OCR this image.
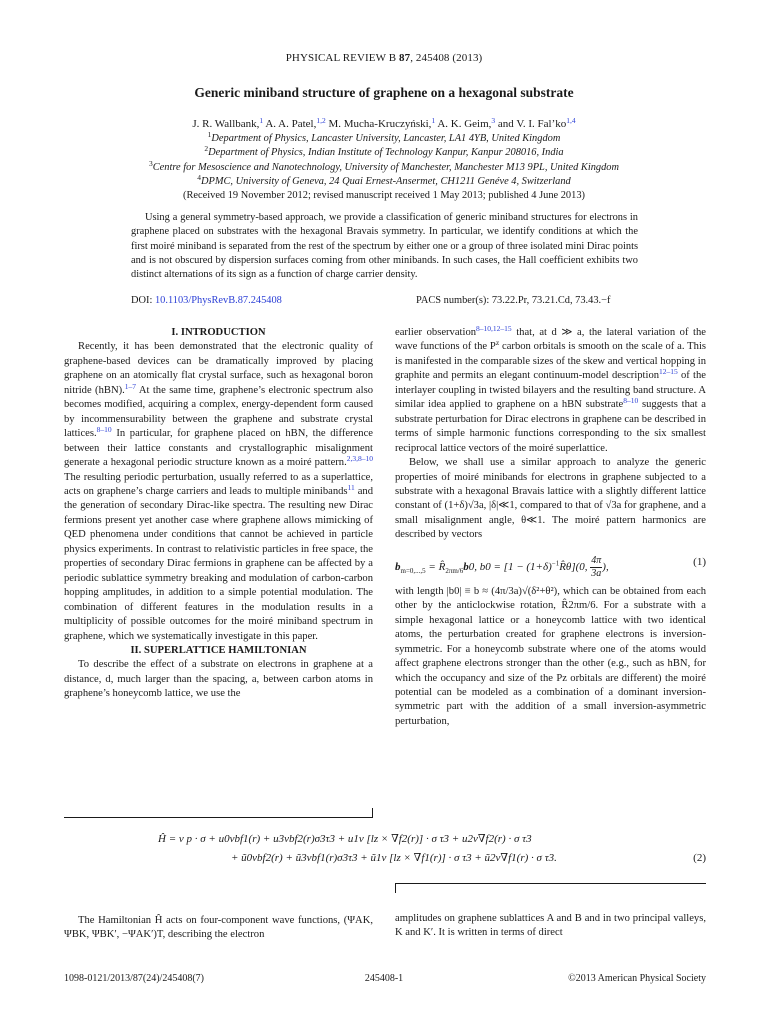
PHYSICAL REVIEW B 87, 245408 (2013)
Generic miniband structure of graphene on a hexagonal substrate
J. R. Wallbank,$^1$ A. A. Patel,$^{1,2}$ M. Mucha-Kruczyński,$^1$ A. K. Geim,$^3$ and V. I. Fal’ko$^{1,4}$
$^1$Department of Physics, Lancaster University, Lancaster, LA1 4YB, United Kingdom
$^2$Department of Physics, Indian Institute of Technology Kanpur, Kanpur 208016, India
$^3$Centre for Mesoscience and Nanotechnology, University of Manchester, Manchester M13 9PL, United Kingdom
$^4$DPMC, University of Geneva, 24 Quai Ernest-Ansermet, CH1211 Genéve 4, Switzerland
(Received 19 November 2012; revised manuscript received 1 May 2013; published 4 June 2013)

Using a general symmetry-based approach, we provide a classification of generic miniband structures for electrons in graphene placed on substrates with the hexagonal Bravais symmetry. In particular, we identify conditions at which the first moiré miniband is separated from the rest of the spectrum by either one or a group of three isolated mini Dirac points and is not obscured by dispersion surfaces coming from other minibands. In such cases, the Hall coefficient exhibits two distinct alternations of its sign as a function of charge carrier density.

DOI: 10.1103/PhysRevB.87.245408	PACS number(s): 73.22.Pr, 73.21.Cd, 73.43.−f

I. INTRODUCTION

Recently, it has been demonstrated that the electronic quality of graphene-based devices can be dramatically improved by placing graphene on an atomically flat crystal surface, such as hexagonal boron nitride (hBN).$^{1-7}$ At the same time, graphene’s electronic spectrum also becomes modified, acquiring a complex, energy-dependent form caused by incommensurability between the graphene and substrate crystal lattices.$^{8-10}$ In particular, for graphene placed on hBN, the difference between their lattice constants and crystallographic misalignment generate a hexagonal periodic structure known as a moiré pattern.$^{2,3,8-10}$ The resulting periodic perturbation, usually referred to as a superlattice, acts on graphene’s charge carriers and leads to multiple minibands$^{11}$ and the generation of secondary Dirac-like spectra. The resulting new Dirac fermions present yet another case where graphene allows mimicking of QED phenomena under conditions that cannot be achieved in particle physics experiments. In contrast to relativistic particles in free space, the properties of secondary Dirac fermions in graphene can be affected by a periodic sublattice symmetry breaking and modulation of carbon-carbon hopping amplitudes, in addition to a simple potential modulation. The combination of different features in the modulation results in a multiplicity of possible outcomes for the moiré miniband spectrum in graphene, which we systematically investigate in this paper.

II. SUPERLATTICE HAMILTONIAN

To describe the effect of a substrate on electrons in graphene at a distance, d, much larger than the spacing, a, between carbon atoms in graphene’s honeycomb lattice, we use the

earlier observation$^{8-10,12-15}$ that, at d ≫ a, the lateral variation of the wave functions of the $P^z$ carbon orbitals is smooth on the scale of a. This is manifested in the comparable sizes of the skew and vertical hopping in graphite and permits an elegant continuum-model description$^{12-15}$ of the interlayer coupling in twisted bilayers and the resulting band structure. A similar idea applied to graphene on a hBN substrate$^{8-10}$ suggests that a substrate perturbation for Dirac electrons in graphene can be described in terms of simple harmonic functions corresponding to the six smallest reciprocal lattice vectors of the moiré superlattice.

Below, we shall use a similar approach to analyze the generic properties of moiré minibands for electrons in graphene subjected to a substrate with a hexagonal Bravais lattice with a slightly different lattice constant of (1+δ)√3a, |δ|≪1, compared to that of √3a for graphene, and a small misalignment angle, θ≪1. The moiré pattern harmonics are described by vectors

$b_{m=0,...,5}$ = $R̂_{2\pi m/6}b0$, $b0 = [1 - (1+\delta)^{-1}R̂\theta](0$, $\frac{4\pi}{3a}$ ),	(1)

with length |b0| ≡ b ≈ (4π/3a)√(δ²+θ²), which can be obtained from each other by the anticlockwise rotation, R̂2πm/6. For a substrate with a simple hexagonal lattice or a honeycomb lattice with two identical atoms, the perturbation created for graphene electrons is inversion-symmetric. For a honeycomb substrate where one of the atoms would affect graphene electrons stronger than the other (e.g., such as hBN, for which the occupancy and size of the Pz orbitals are different) the moiré potential can be modeled as a combination of a dominant inversion-symmetric part with the addition of a small inversion-asymmetric perturbation,

Ĥ = v p · σ + u0vbf1(r) + u3vbf2(r)σ3τ3 + u1v [lz × ∇f2(r)] · σ τ3 + u2v∇f2(r) · σ τ3
+ ũ0vbf2(r) + ũ3vbf1(r)σ3τ3 + ũ1v [lz × ∇f1(r)] · σ τ3 + ũ2v∇f1(r) · σ τ3.	(2)

The Hamiltonian Ĥ acts on four-component wave functions, (ΨAK, ΨBK, ΨBK′, −ΨAK′)T, describing the electron

amplitudes on graphene sublattices A and B and in two principal valleys, K and K′. It is written in terms of direct

1098-0121/2013/87(24)/245408(7)	245408-1	©2013 American Physical Society
